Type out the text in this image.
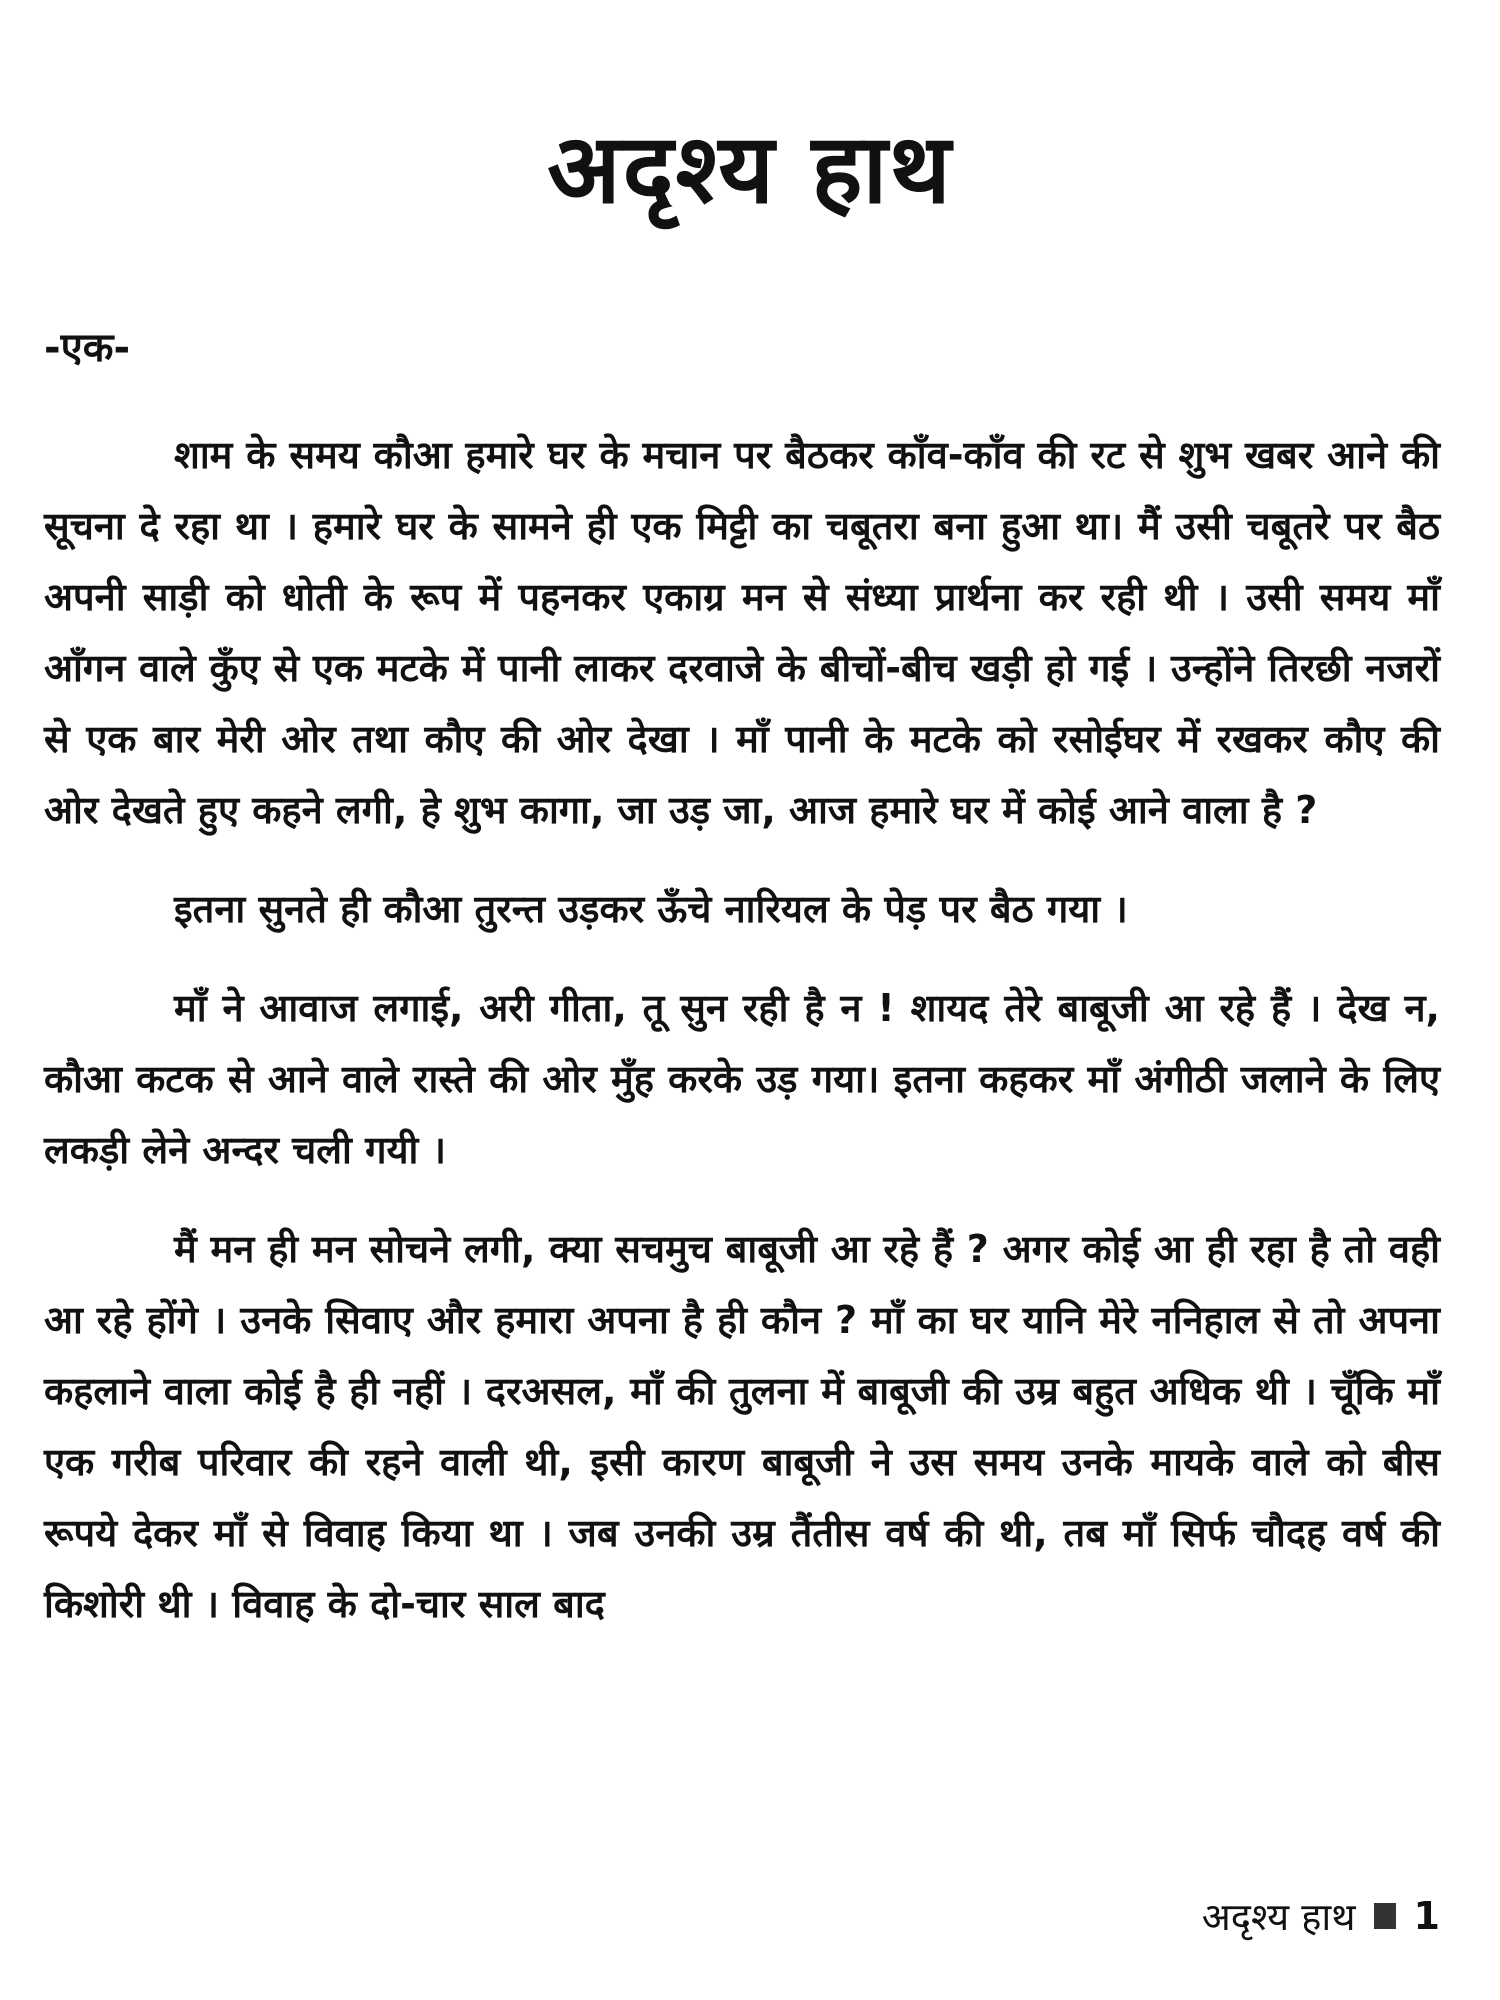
अदृश्य हाथ
-एक-

शाम के समय कौआ हमारे घर के मचान पर बैठकर कॉंव-कॉंव की रट से शुभ खबर आने की सूचना दे रहा था । हमारे घर के सामने ही एक मिट्टी का चबूतरा बना हुआ था। मैं उसी चबूतरे पर बैठ अपनी साड़ी को धोती के रूप में पहनकर एकाग्र मन से संध्या प्रार्थना कर रही थी । उसी समय माँ आँगन वाले कुँए से एक मटके में पानी लाकर दरवाजे के बीचों-बीच खड़ी हो गई । उन्होंने तिरछी नजरों से एक बार मेरी ओर तथा कौए की ओर देखा । माँ पानी के मटके को रसोईघर में रखकर कौए की ओर देखते हुए कहने लगी, हे शुभ कागा, जा उड़ जा, आज हमारे घर में कोई आने वाला है ?

इतना सुनते ही कौआ तुरन्त उड़कर ऊँचे नारियल के पेड़ पर बैठ गया ।

माँ ने आवाज लगाई, अरी गीता, तू सुन रही है न ! शायद तेरे बाबूजी आ रहे हैं । देख न, कौआ कटक से आने वाले रास्ते की ओर मुँह करके उड़ गया। इतना कहकर माँ अंगीठी जलाने के लिए लकड़ी लेने अन्दर चली गयी ।

मैं मन ही मन सोचने लगी, क्या सचमुच बाबूजी आ रहे हैं ? अगर कोई आ ही रहा है तो वही आ रहे होंगे । उनके सिवाए और हमारा अपना है ही कौन ? माँ का घर यानि मेरे ननिहाल से तो अपना कहलाने वाला कोई है ही नहीं । दरअसल, माँ की तुलना में बाबूजी की उम्र बहुत अधिक थी । चूँकि माँ एक गरीब परिवार की रहने वाली थी, इसी कारण बाबूजी ने उस समय उनके मायके वाले को बीस रूपये देकर माँ से विवाह किया था । जब उनकी उम्र तैंतीस वर्ष की थी, तब माँ सिर्फ चौदह वर्ष की किशोरी थी । विवाह के दो-चार साल बाद

अदृश्य हाथ 1
